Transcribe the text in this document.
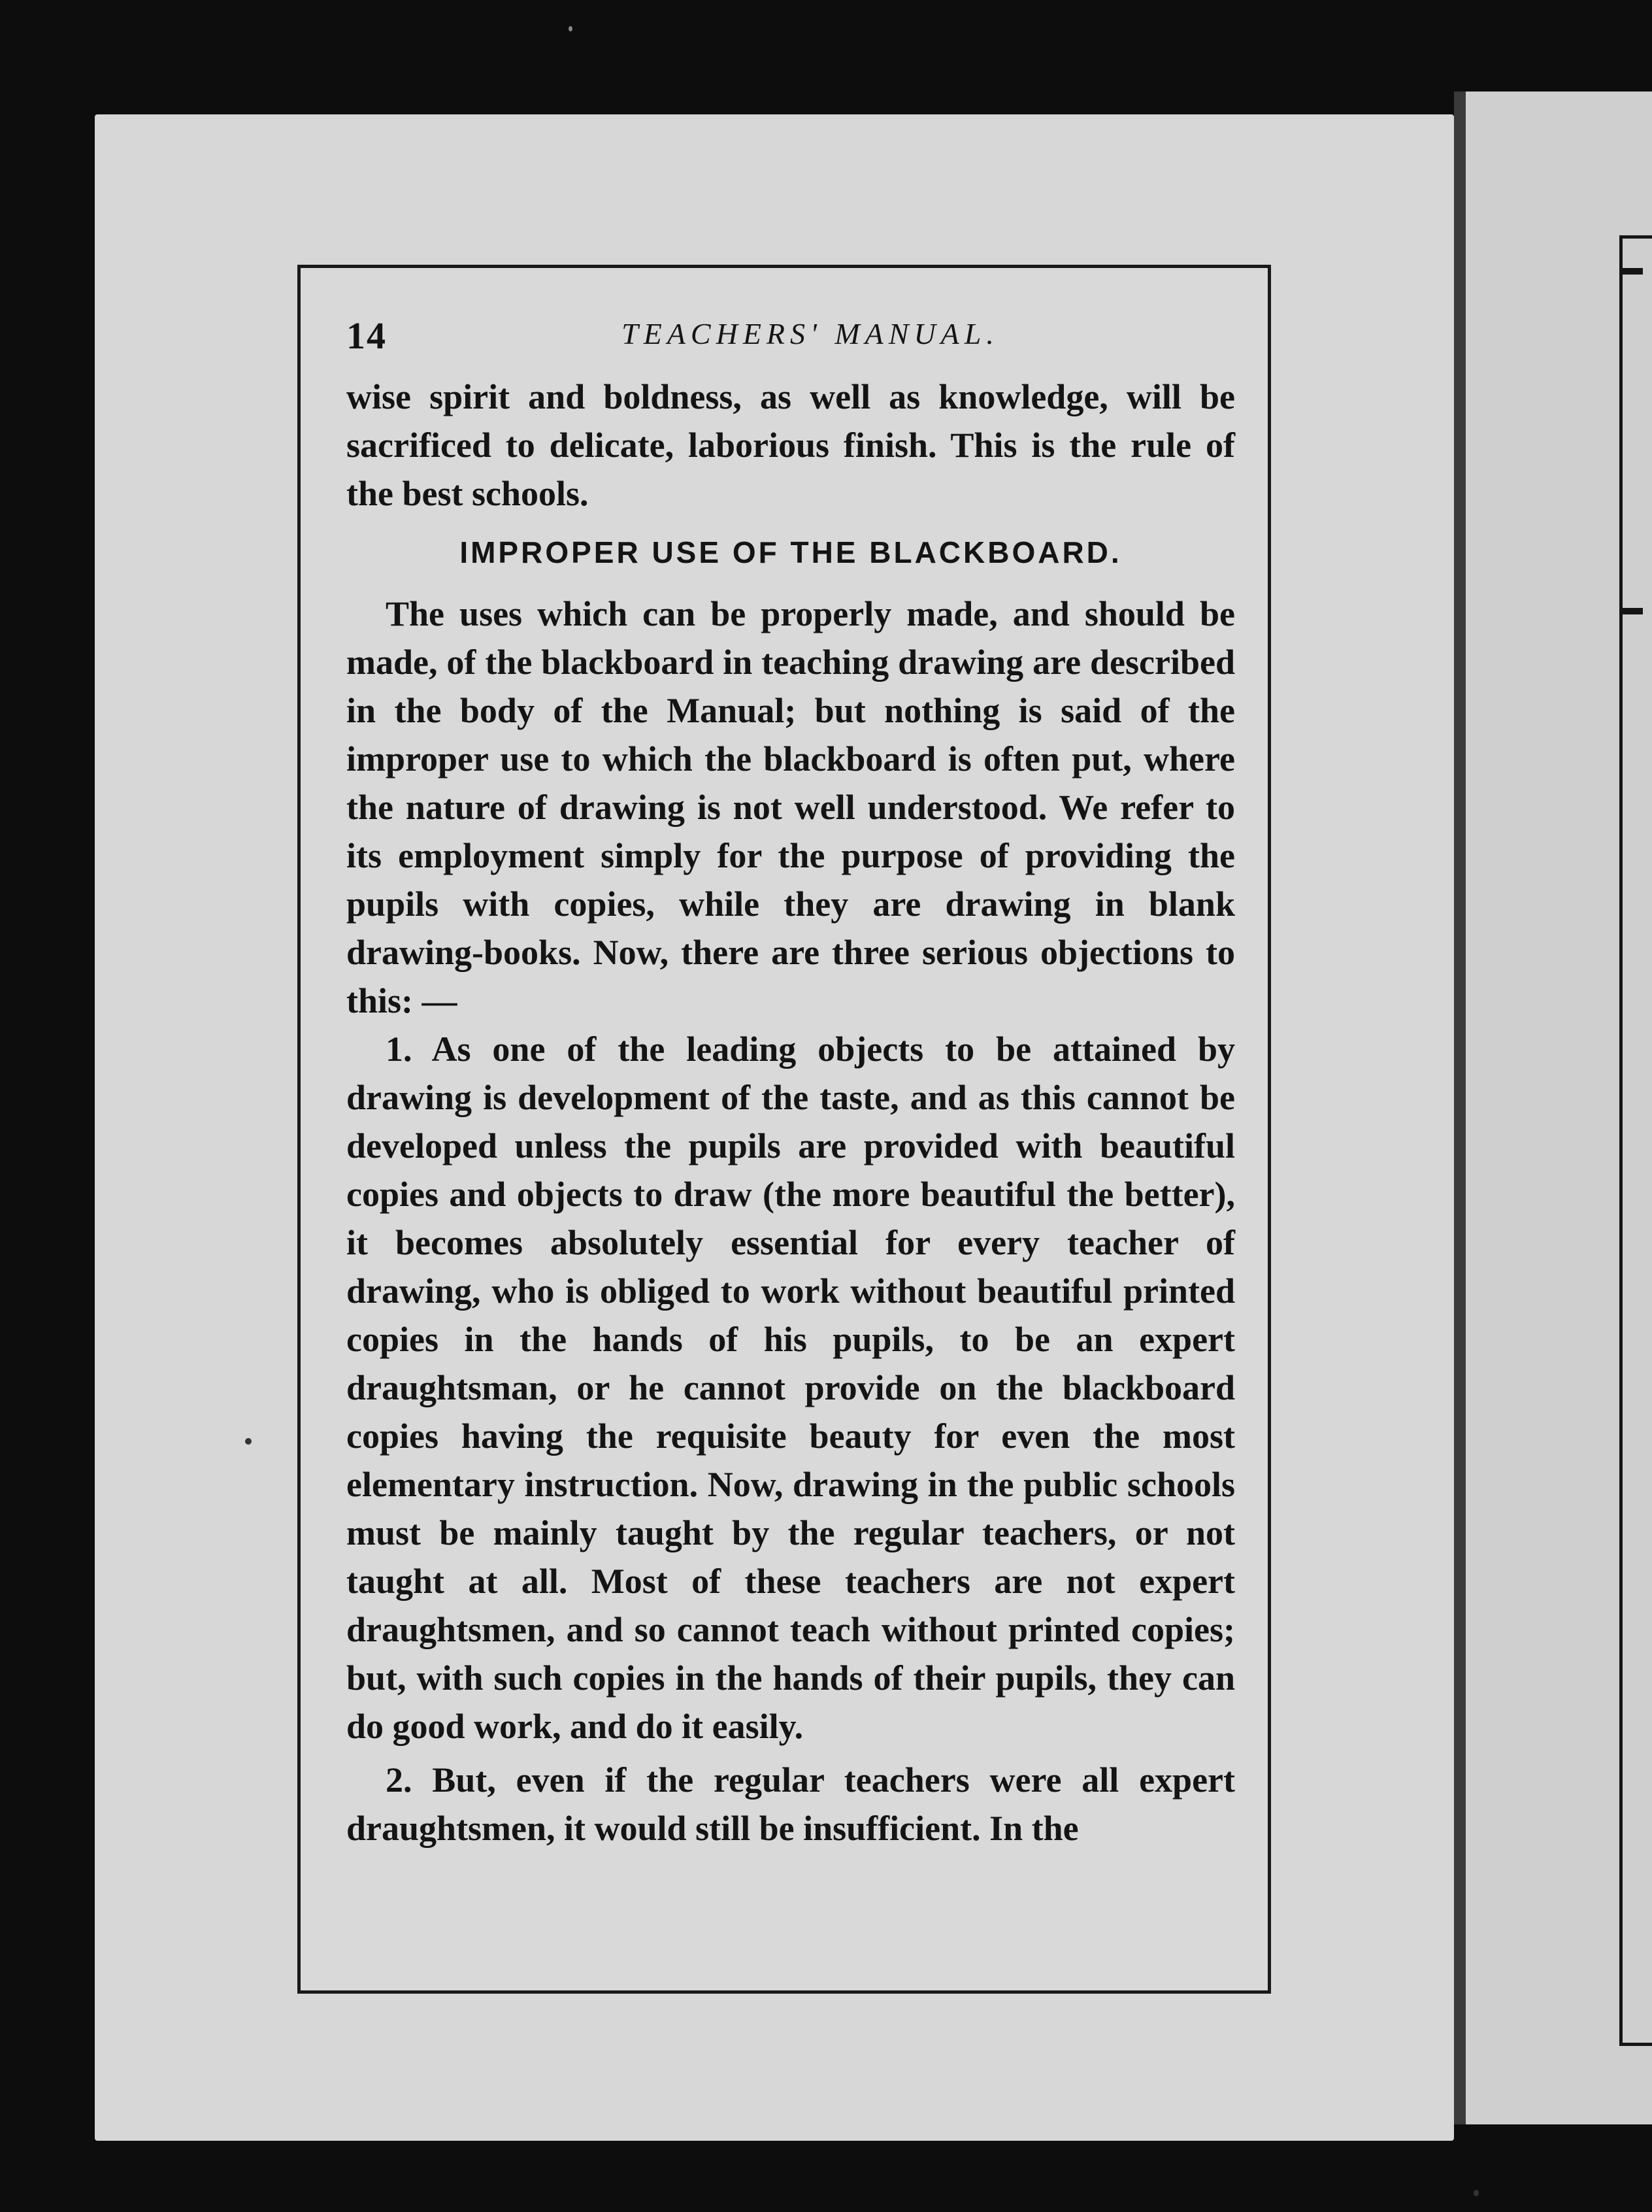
14	TEACHERS' MANUAL.

wise spirit and boldness, as well as knowledge, will be sacrificed to delicate, laborious finish. This is the rule of the best schools.

IMPROPER USE OF THE BLACKBOARD.

The uses which can be properly made, and should be made, of the blackboard in teaching drawing are described in the body of the Manual; but nothing is said of the improper use to which the blackboard is often put, where the nature of drawing is not well understood. We refer to its employment simply for the purpose of providing the pupils with copies, while they are drawing in blank drawing-books. Now, there are three serious objections to this: —

1. As one of the leading objects to be attained by drawing is development of the taste, and as this cannot be developed unless the pupils are provided with beautiful copies and objects to draw (the more beautiful the better), it becomes absolutely essential for every teacher of drawing, who is obliged to work without beautiful printed copies in the hands of his pupils, to be an expert draughtsman, or he cannot provide on the blackboard copies having the requisite beauty for even the most elementary instruction. Now, drawing in the public schools must be mainly taught by the regular teachers, or not taught at all. Most of these teachers are not expert draughtsmen, and so cannot teach without printed copies; but, with such copies in the hands of their pupils, they can do good work, and do it easily.

2. But, even if the regular teachers were all expert draughtsmen, it would still be insufficient. In the
